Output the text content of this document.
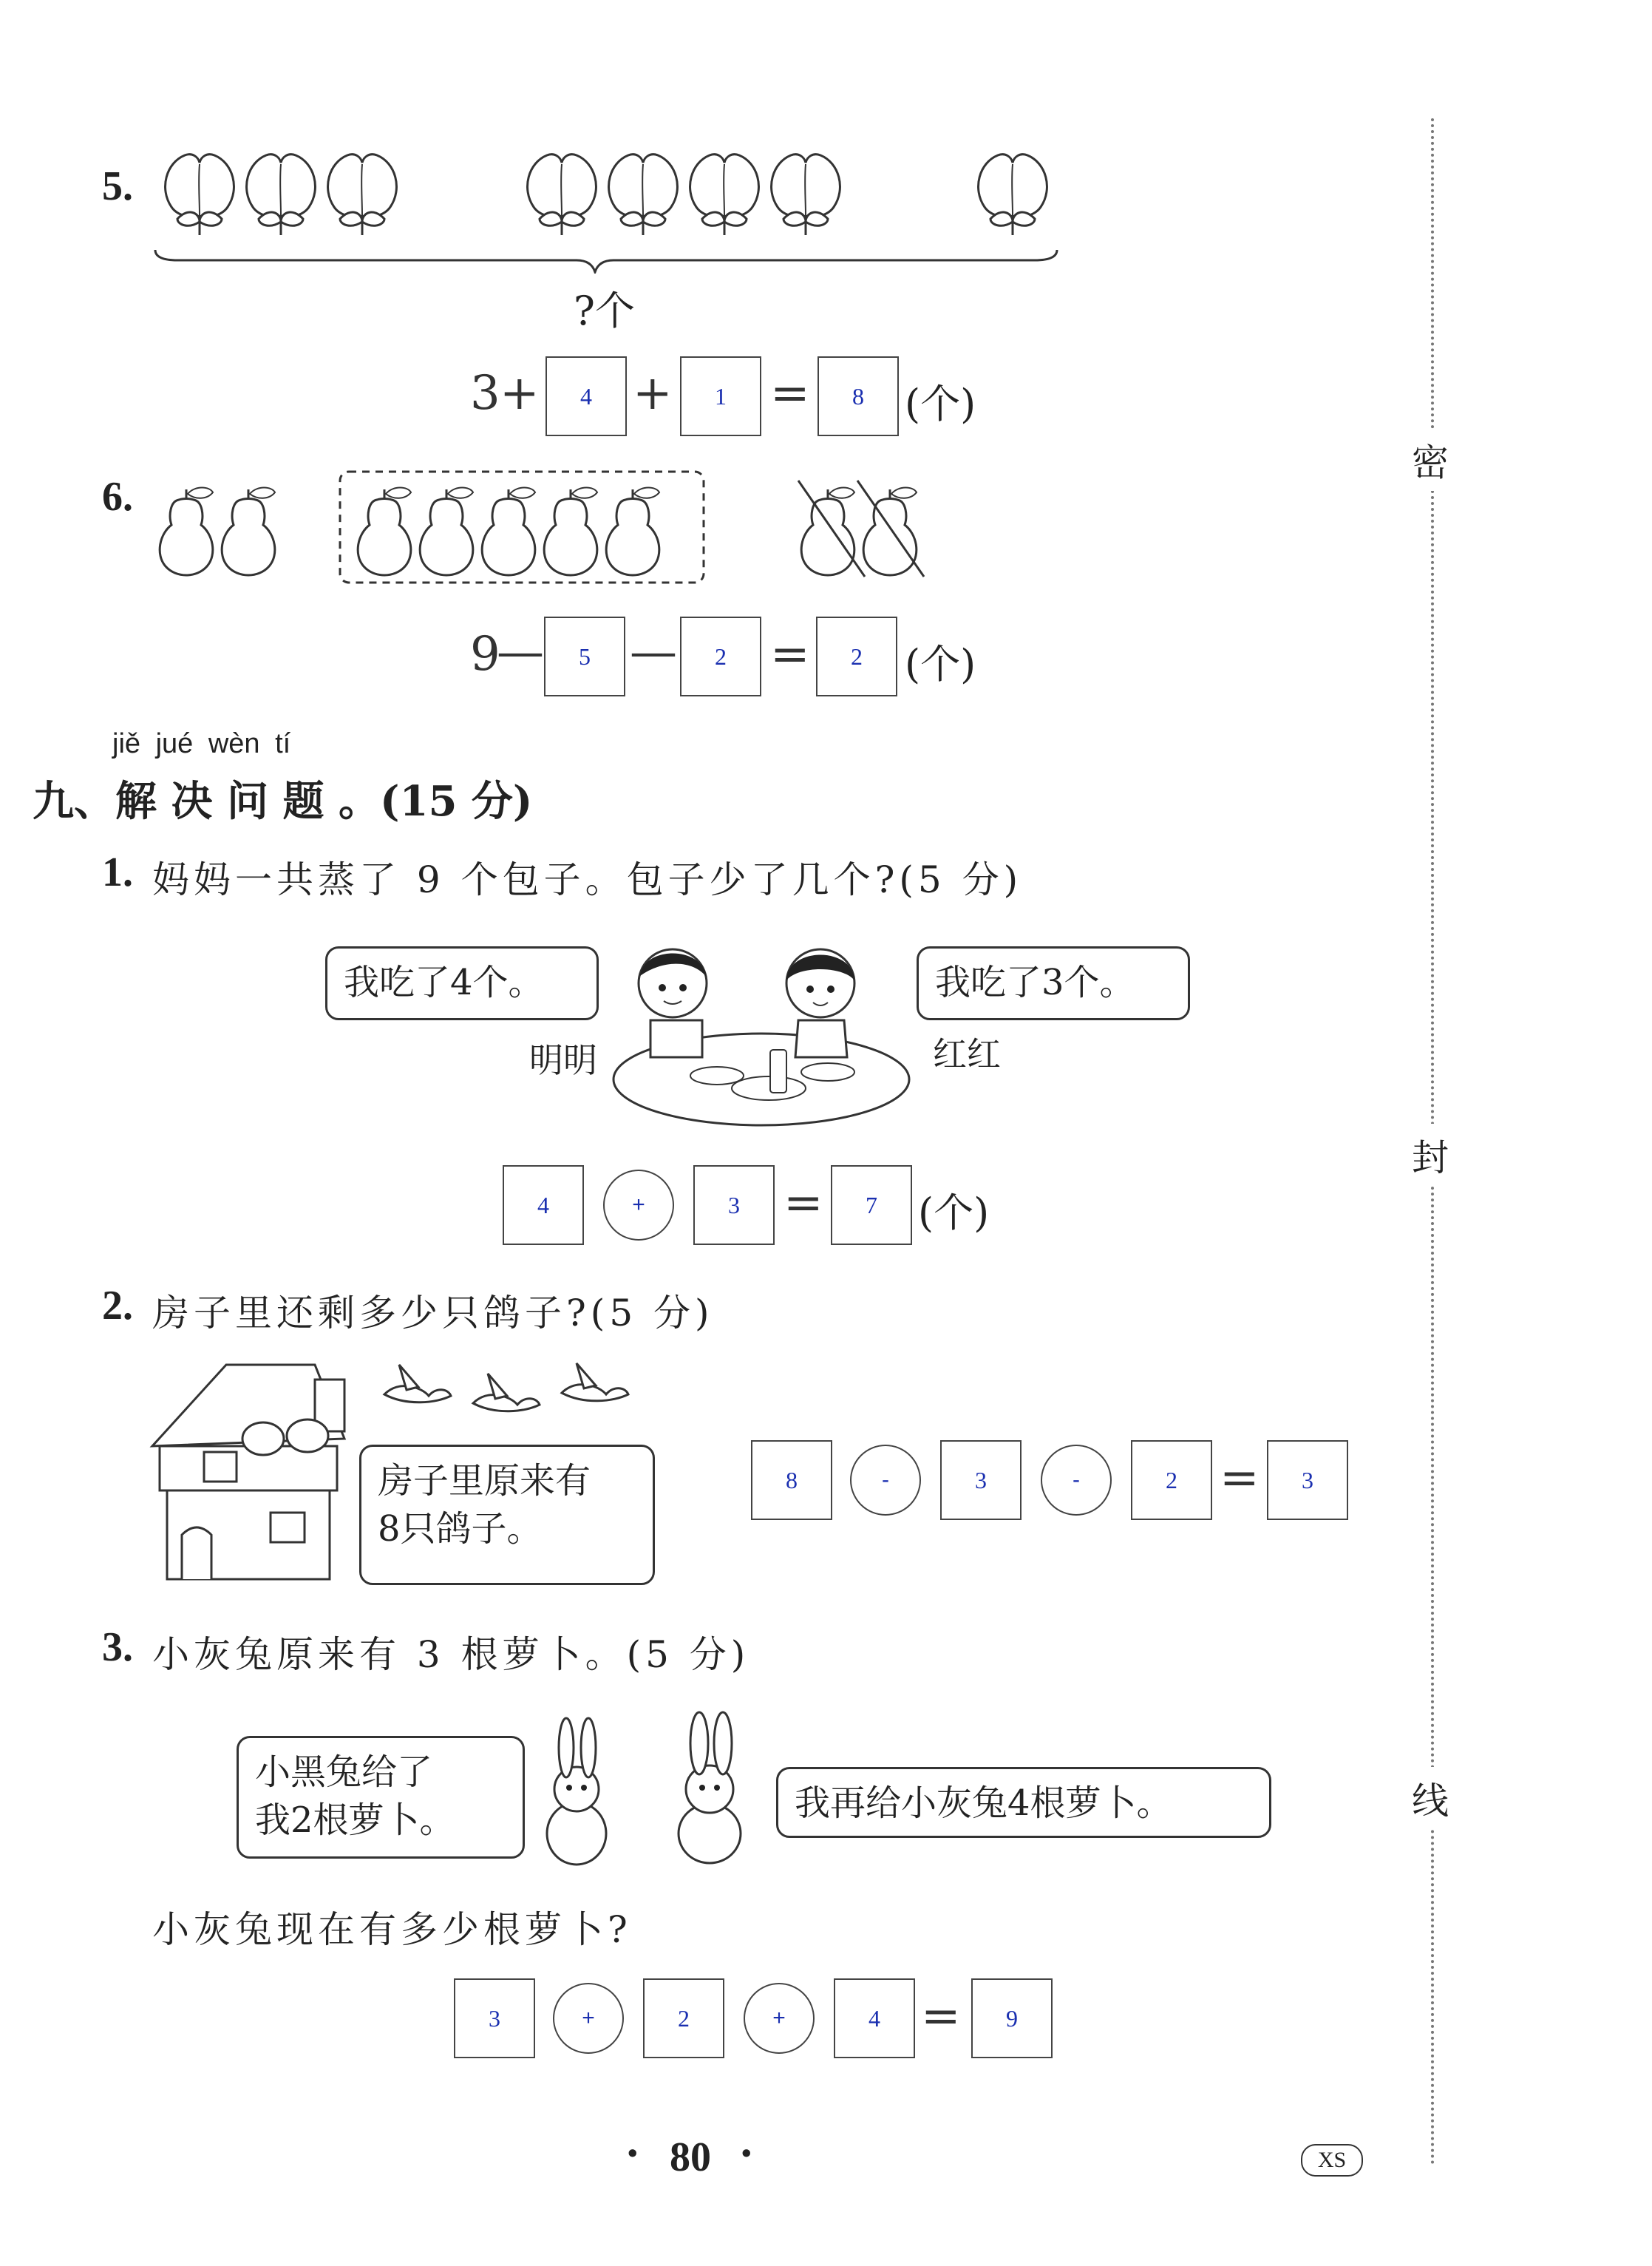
5.
?个
3 +	4 +	1 =	8	(个)
6.
9
—	5 —	2 =	2	(个)
jiě jué wèn tí
九、解 决 问 题 。(15 分)
1. 妈妈一共蒸了 9 个包子。包子少了几个?(5 分)
我吃了4个。	我吃了3个。
明明	红红
4	+	3 =	7	(个)
2. 房子里还剩多少只鸽子?(5 分)
房子里原来有
8只鸽子。
8	-	3	-	2 =	3
3. 小灰兔原来有 3 根萝卜。(5 分)
小黑兔给了
我2根萝卜。	我再给小灰兔4根萝卜。
小灰兔现在有多少根萝卜?
3	+	2	+	4 =	9
· 80 ·	XS
密
封
线
